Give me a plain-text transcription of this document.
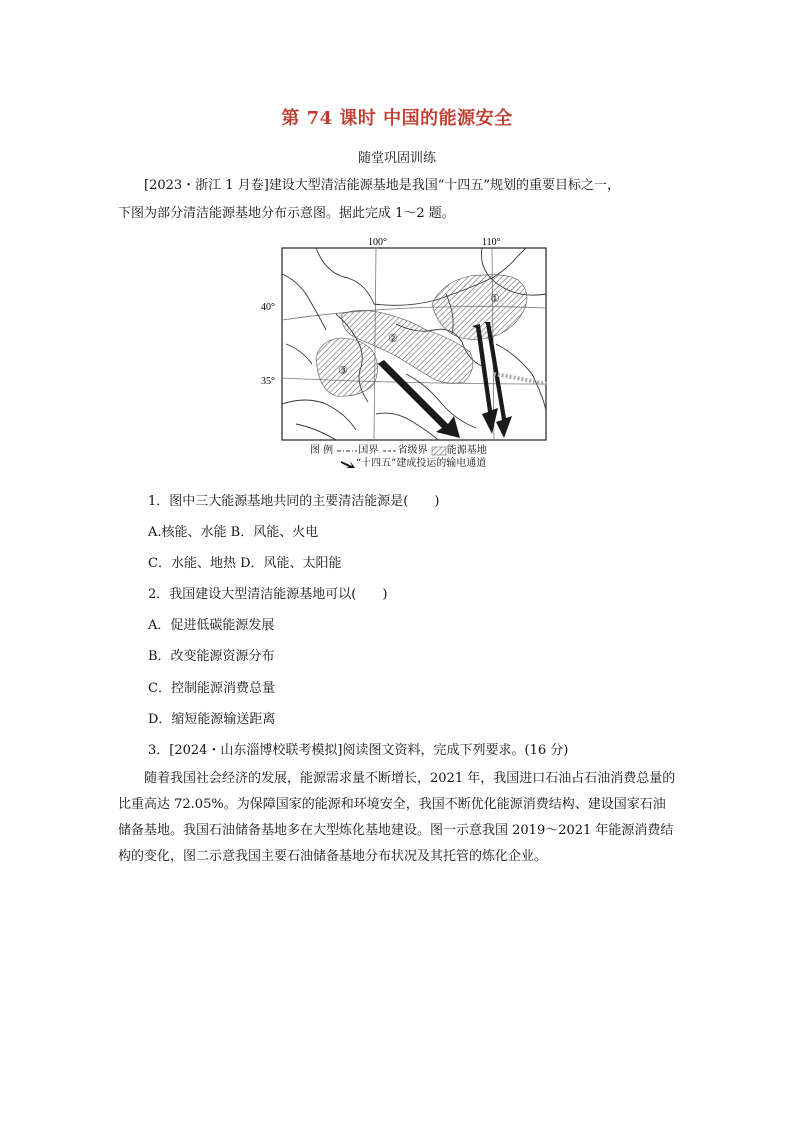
第 74 课时 中国的能源安全
随堂巩固训练
[2023・浙江 1 月卷]建设大型清洁能源基地是我国“十四五”规划的重要目标之一，
下图为部分清洁能源基地分布示意图。据此完成 1～2 题。
100°	110°
40°
35°
①
②
③
图 例	国界 省级界 能源基地
“十四五”建成投运的输电通道
1．图中三大能源基地共同的主要清洁能源是(　　)
A.核能、水能 B．风能、火电
C．水能、地热 D．风能、太阳能
2．我国建设大型清洁能源基地可以(　　)
A．促进低碳能源发展
B．改变能源资源分布
C．控制能源消费总量
D．缩短能源输送距离
3．[2024・山东淄博校联考模拟]阅读图文资料，完成下列要求。(16 分)
随着我国社会经济的发展，能源需求量不断增长，2021 年，我国进口石油占石油消费总量的比重高达 72.05%。为保障国家的能源和环境安全，我国不断优化能源消费结构、建设国家石油储备基地。我国石油储备基地多在大型炼化基地建设。图一示意我国 2019～2021 年能源消费结构的变化，图二示意我国主要石油储备基地分布状况及其托管的炼化企业。
